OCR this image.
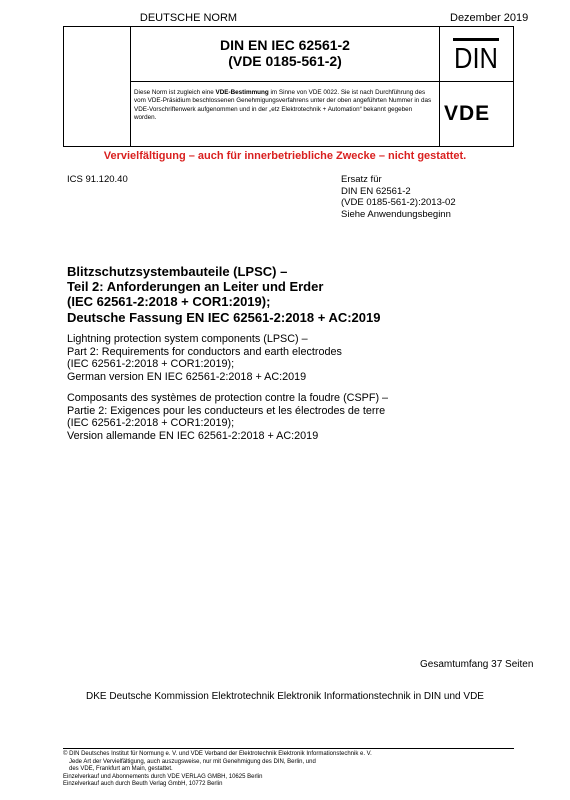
DEUTSCHE NORM	Dezember 2019
DIN EN IEC 62561-2
(VDE 0185-561-2)
Diese Norm ist zugleich eine VDE-Bestimmung im Sinne von VDE 0022. Sie ist nach Durchführung des vom VDE-Präsidium beschlossenen Genehmigungsverfahrens unter der oben angeführten Nummer in das VDE-Vorschriftenwerk aufgenommen und in der „etz Elektrotechnik + Automation“ bekannt gegeben worden.
DIN
VDE
Vervielfältigung – auch für innerbetriebliche Zwecke – nicht gestattet.
ICS 91.120.40	Ersatz für
DIN EN 62561-2
(VDE 0185-561-2):2013-02
Siehe Anwendungsbeginn
Blitzschutzsystembauteile (LPSC) –
Teil 2: Anforderungen an Leiter und Erder
(IEC 62561-2:2018 + COR1:2019);
Deutsche Fassung EN IEC 62561-2:2018 + AC:2019
Lightning protection system components (LPSC) –
Part 2: Requirements for conductors and earth electrodes
(IEC 62561-2:2018 + COR1:2019);
German version EN IEC 62561-2:2018 + AC:2019
Composants des systèmes de protection contre la foudre (CSPF) –
Partie 2: Exigences pour les conducteurs et les électrodes de terre
(IEC 62561-2:2018 + COR1:2019);
Version allemande EN IEC 62561-2:2018 + AC:2019
Gesamtumfang 37 Seiten
DKE Deutsche Kommission Elektrotechnik Elektronik Informationstechnik in DIN und VDE
© DIN Deutsches Institut für Normung e. V. und VDE Verband der Elektrotechnik Elektronik Informationstechnik e. V.
Jede Art der Vervielfältigung, auch auszugsweise, nur mit Genehmigung des DIN, Berlin, und
des VDE, Frankfurt am Main, gestattet.
Einzelverkauf und Abonnements durch VDE VERLAG GMBH, 10625 Berlin
Einzelverkauf auch durch Beuth Verlag GmbH, 10772 Berlin
